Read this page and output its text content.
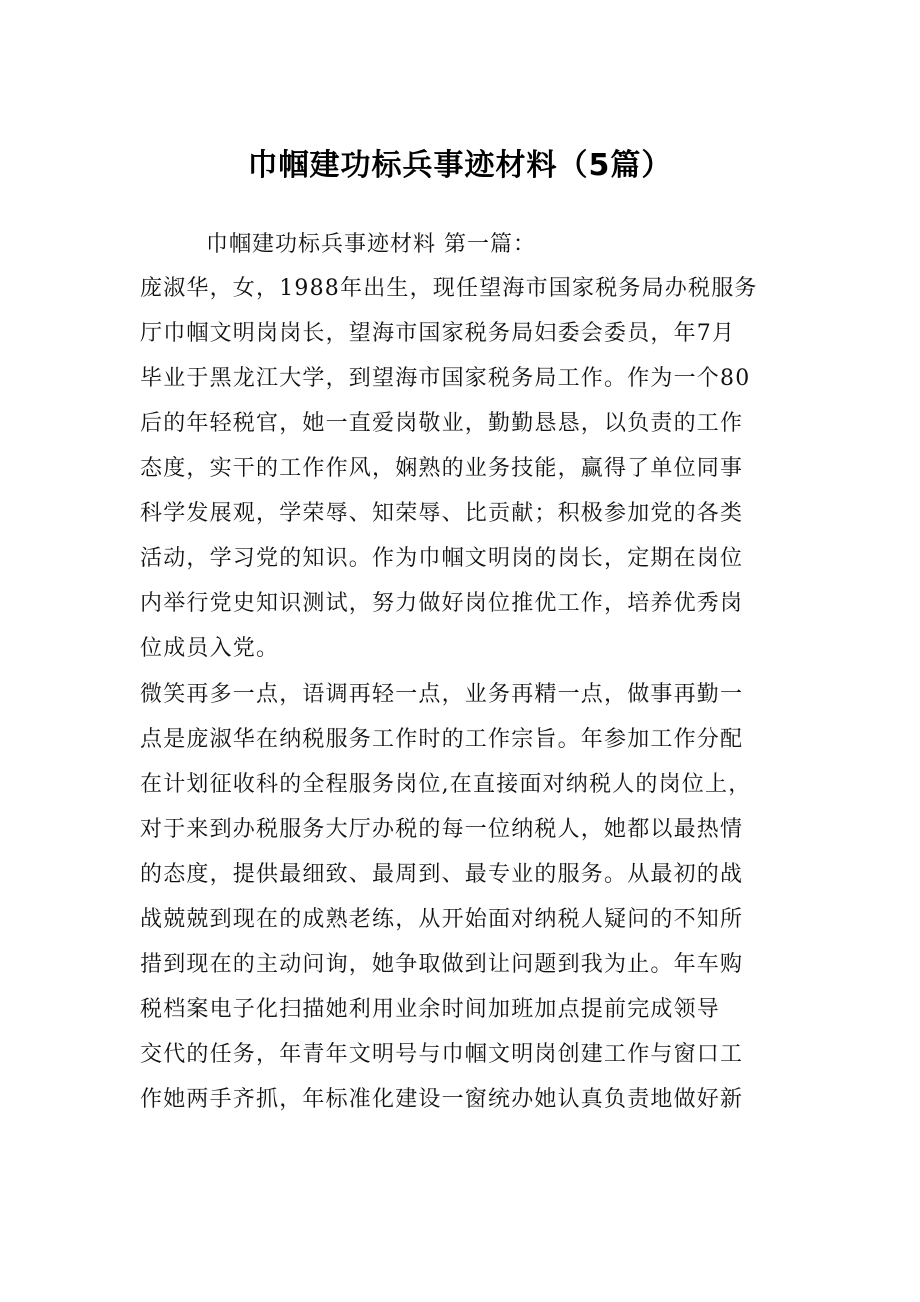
巾帼建功标兵事迹材料（5篇）
巾帼建功标兵事迹材料 第一篇：
庞淑华，女，1988年出生，现任望海市国家税务局办税服务
厅巾帼文明岗岗长，望海市国家税务局妇委会委员，年7月
毕业于黑龙江大学，到望海市国家税务局工作。作为一个80
后的年轻税官，她一直爱岗敬业，勤勤恳恳，以负责的工作
态度，实干的工作作风，娴熟的业务技能，赢得了单位同事
科学发展观，学荣辱、知荣辱、比贡献；积极参加党的各类
活动，学习党的知识。作为巾帼文明岗的岗长，定期在岗位
内举行党史知识测试，努力做好岗位推优工作，培养优秀岗
位成员入党。
微笑再多一点，语调再轻一点，业务再精一点，做事再勤一
点是庞淑华在纳税服务工作时的工作宗旨。年参加工作分配
在计划征收科的全程服务岗位,在直接面对纳税人的岗位上，
对于来到办税服务大厅办税的每一位纳税人，她都以最热情
的态度，提供最细致、最周到、最专业的服务。从最初的战
战兢兢到现在的成熟老练，从开始面对纳税人疑问的不知所
措到现在的主动问询，她争取做到让问题到我为止。年车购
税档案电子化扫描她利用业余时间加班加点提前完成领导
交代的任务，年青年文明号与巾帼文明岗创建工作与窗口工
作她两手齐抓，年标准化建设一窗统办她认真负责地做好新
